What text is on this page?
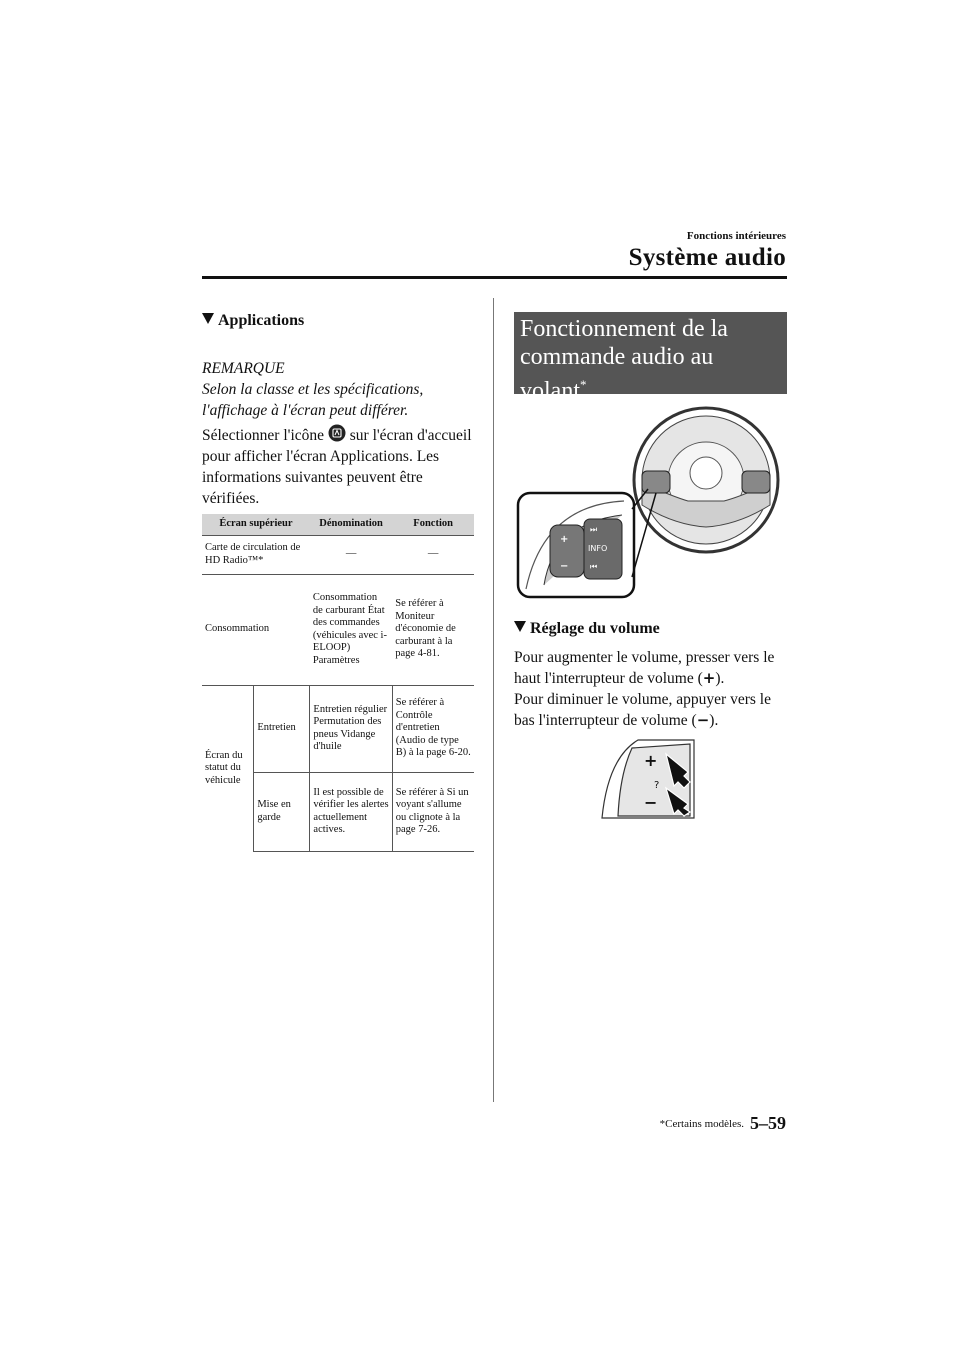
Fonctions intérieures
Système audio
Applications
REMARQUE
Selon la classe et les spécifications, l'affichage à l'écran peut différer.
Sélectionner l'icône sur l'écran d'accueil pour afficher l'écran Applications. Les informations suivantes peuvent être vérifiées.
Écran supérieur		Dénomination	Fonction
Carte de circulation de HD Radio™*		—	—
Consommation		Consommation de carburant État des commandes (véhicules avec i-ELOOP) Paramètres	Se référer à Moniteur d'économie de carburant à la page 4-81.
Écran du statut du véhicule	Entretien	Entretien régulier Permutation des pneus Vidange d'huile	Se référer à Contrôle d'entretien (Audio de type B) à la page 6-20.
	Mise en garde	Il est possible de vérifier les alertes actuellement actives.	Se référer à Si un voyant s'allume ou clignote à la page 7-26.
Fonctionnement de la commande audio au volant*
+
−
⏭
INFO
⏮
Réglage du volume
Pour augmenter le volume, presser vers le haut l'interrupteur de volume (+).
Pour diminuer le volume, appuyer vers le bas l'interrupteur de volume (−).
+
?
−
*Certains modèles. 5–59
